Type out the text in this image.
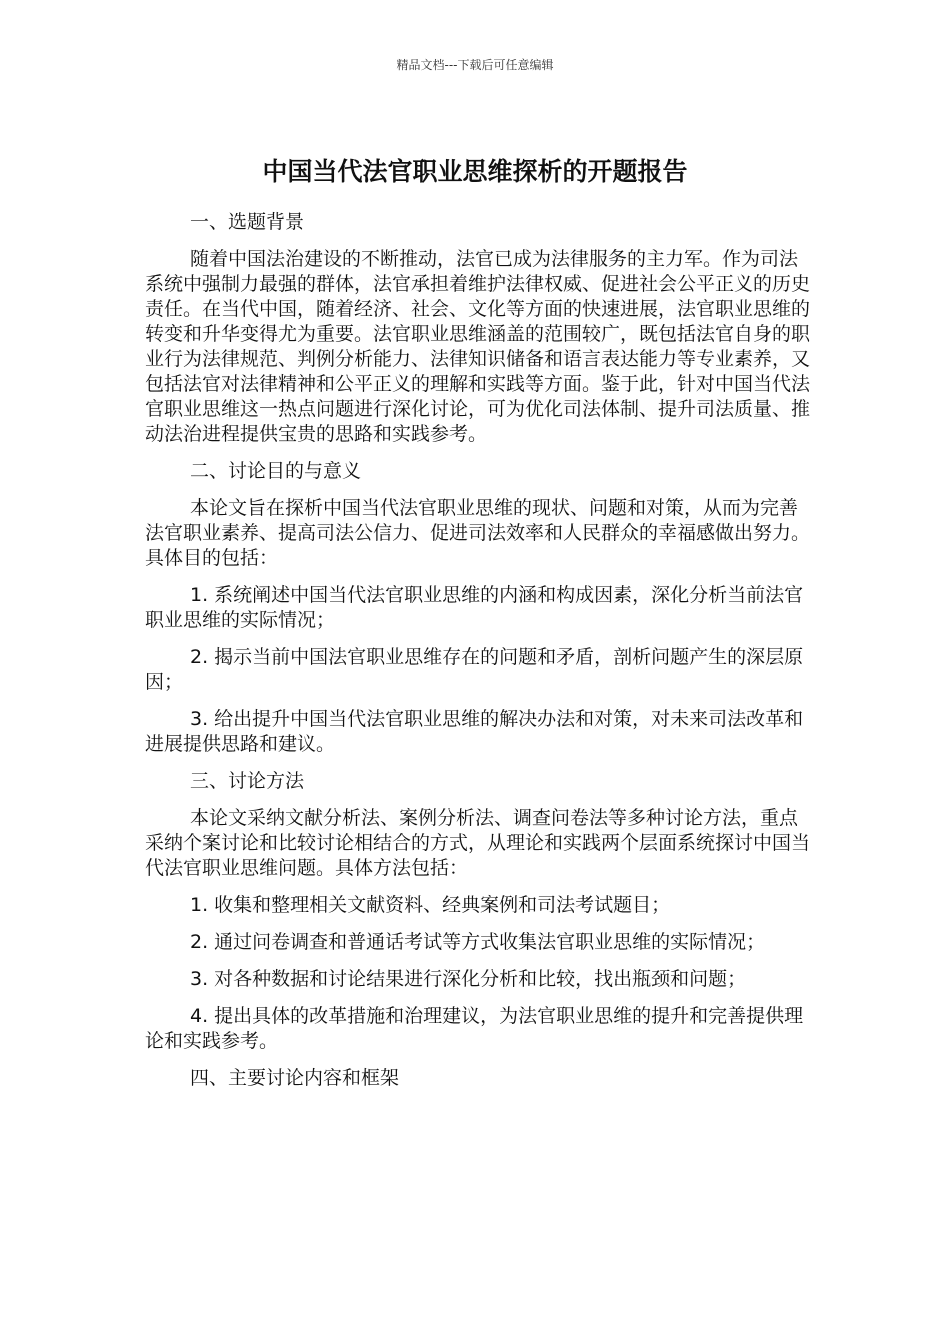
精品文档---下载后可任意编辑
中国当代法官职业思维探析的开题报告

一、选题背景

随着中国法治建设的不断推动，法官已成为法律服务的主力军。作为司法系统中强制力最强的群体，法官承担着维护法律权威、促进社会公平正义的历史责任。在当代中国，随着经济、社会、文化等方面的快速进展，法官职业思维的转变和升华变得尤为重要。法官职业思维涵盖的范围较广，既包括法官自身的职业行为法律规范、判例分析能力、法律知识储备和语言表达能力等专业素养，又包括法官对法律精神和公平正义的理解和实践等方面。鉴于此，针对中国当代法官职业思维这一热点问题进行深化讨论，可为优化司法体制、提升司法质量、推动法治进程提供宝贵的思路和实践参考。

二、讨论目的与意义

本论文旨在探析中国当代法官职业思维的现状、问题和对策，从而为完善法官职业素养、提高司法公信力、促进司法效率和人民群众的幸福感做出努力。具体目的包括：

1. 系统阐述中国当代法官职业思维的内涵和构成因素，深化分析当前法官职业思维的实际情况；

2. 揭示当前中国法官职业思维存在的问题和矛盾，剖析问题产生的深层原因；

3. 给出提升中国当代法官职业思维的解决办法和对策，对未来司法改革和进展提供思路和建议。

三、讨论方法

本论文采纳文献分析法、案例分析法、调查问卷法等多种讨论方法，重点采纳个案讨论和比较讨论相结合的方式，从理论和实践两个层面系统探讨中国当代法官职业思维问题。具体方法包括：

1. 收集和整理相关文献资料、经典案例和司法考试题目；

2. 通过问卷调查和普通话考试等方式收集法官职业思维的实际情况；

3. 对各种数据和讨论结果进行深化分析和比较，找出瓶颈和问题；

4. 提出具体的改革措施和治理建议，为法官职业思维的提升和完善提供理论和实践参考。

四、主要讨论内容和框架
